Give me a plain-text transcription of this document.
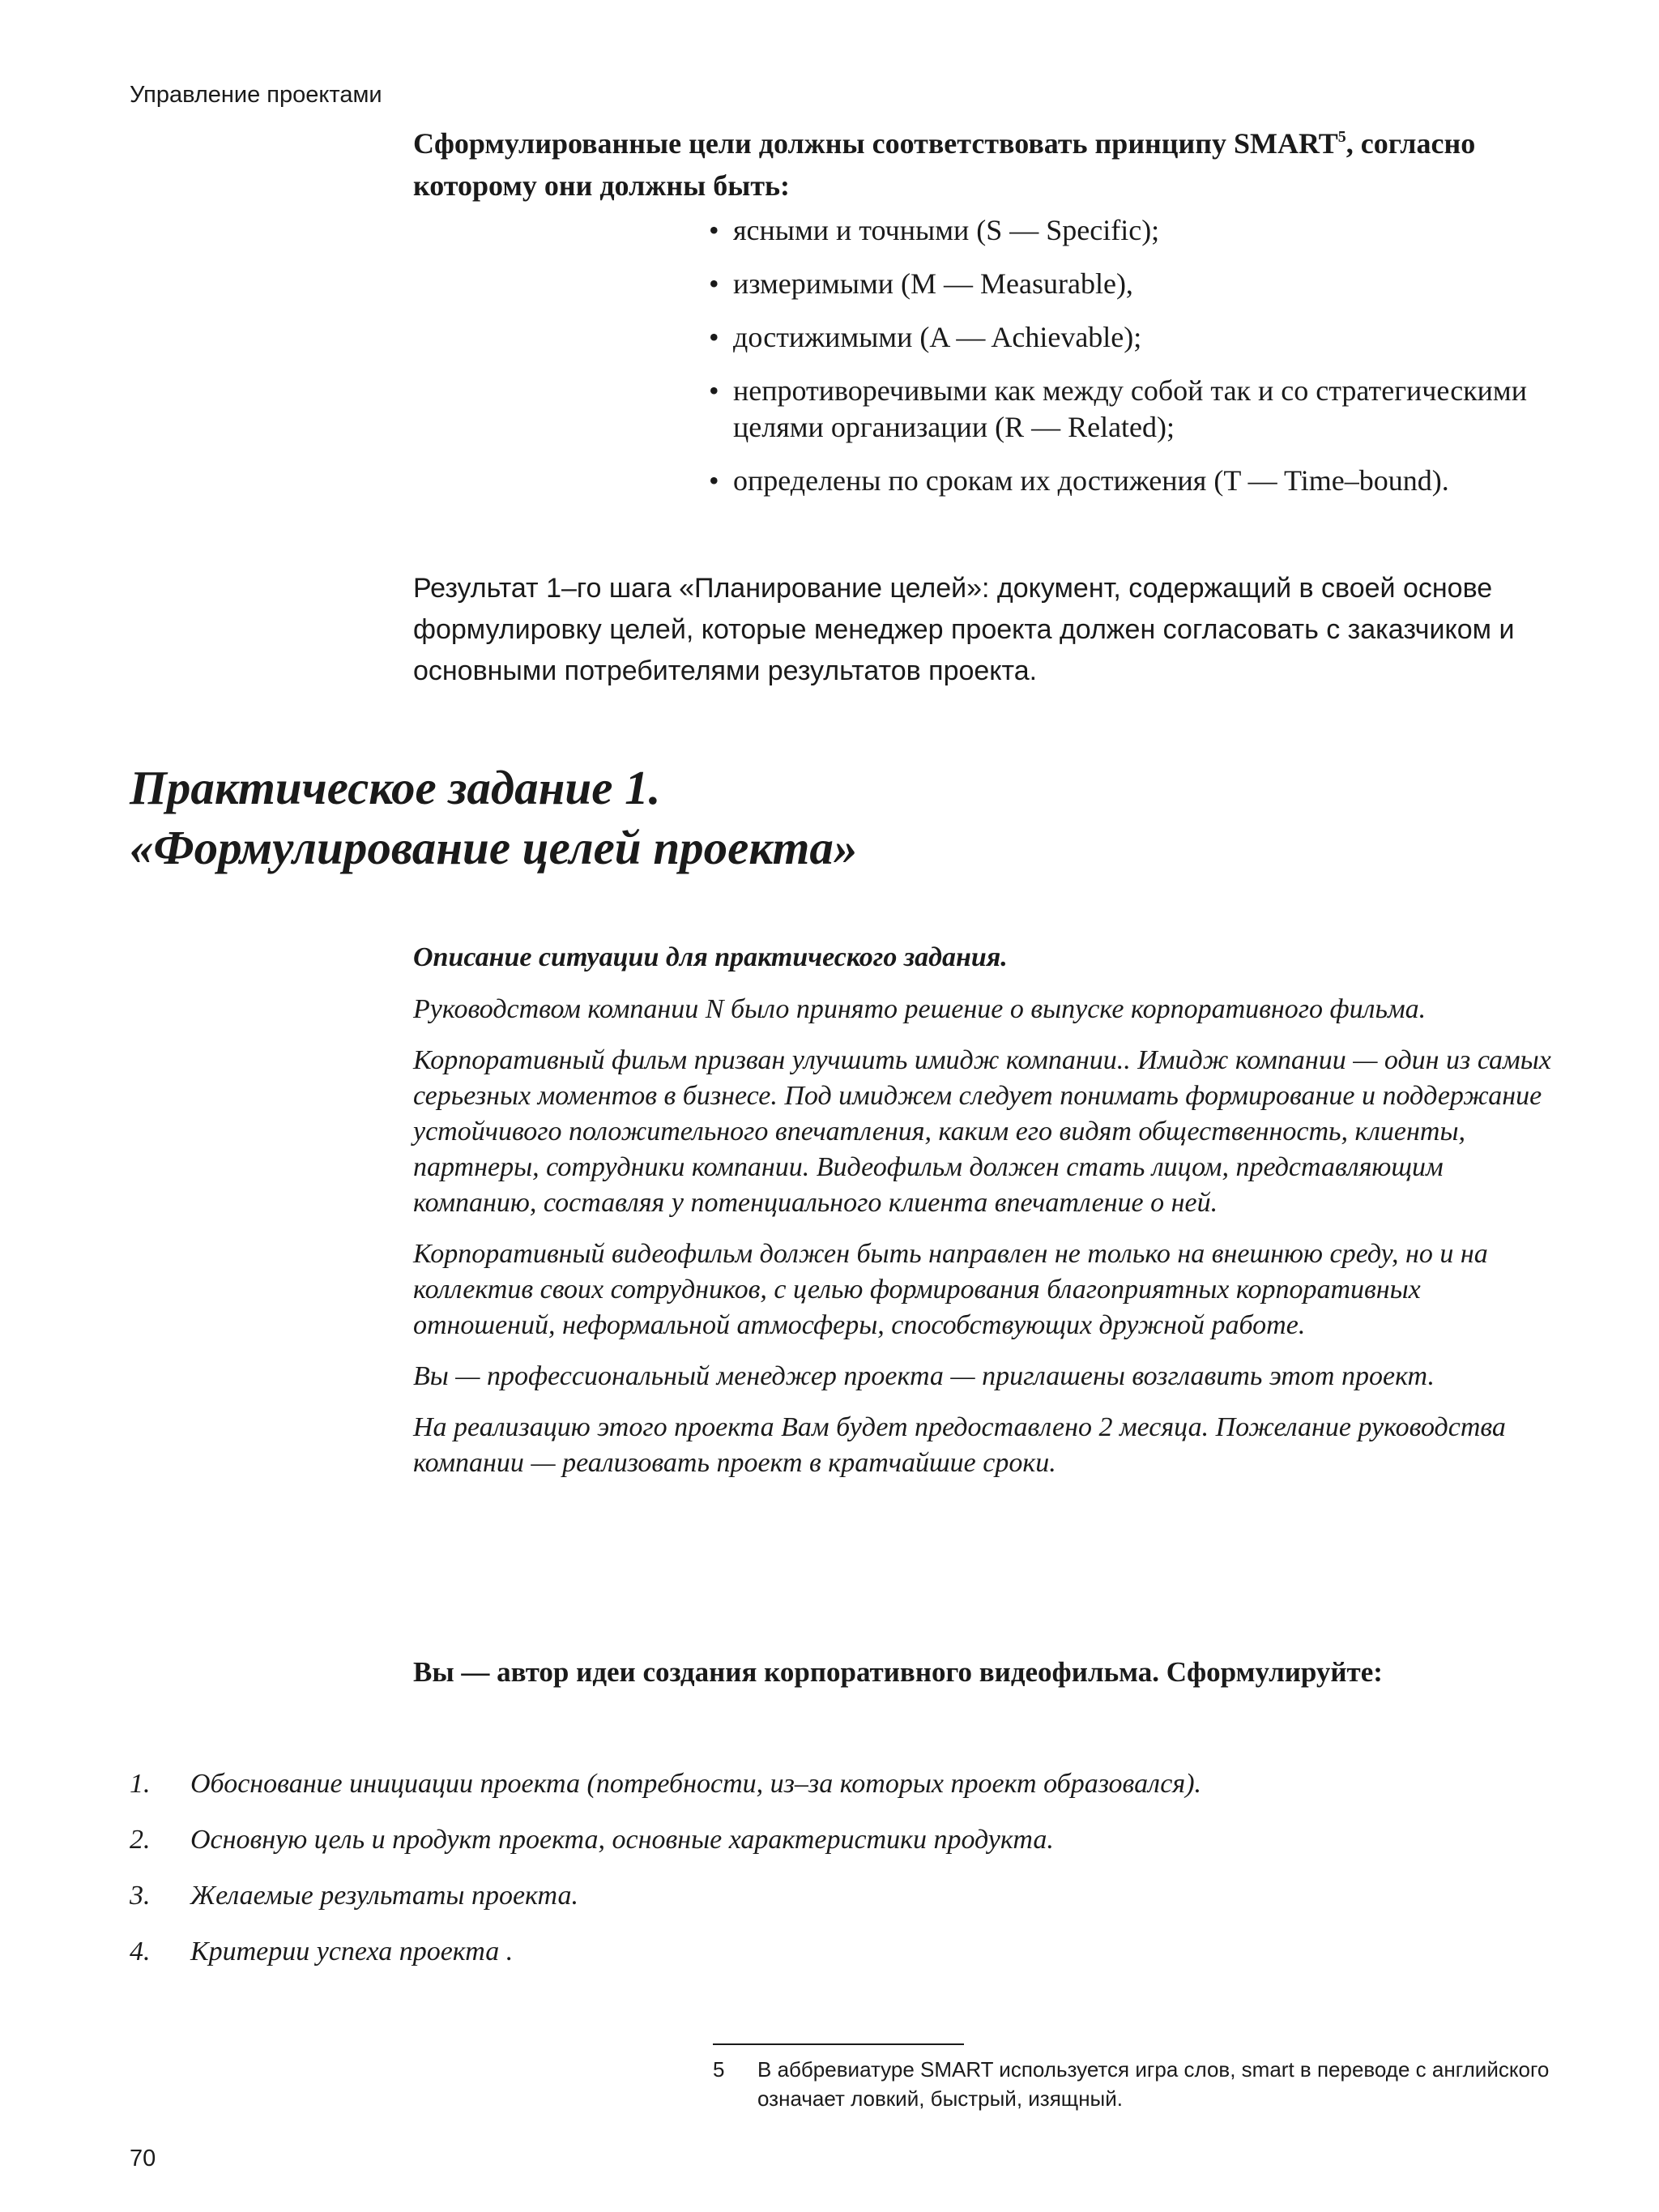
Управление проектами
Сформулированные цели должны соответствовать принципу SMART$^5$, согласно которому они должны быть:
• ясными и точными (S — Specific);
• измеримыми (M — Measurable),
• достижимыми (A — Achievable);
• непротиворечивыми как между собой так и со стратегическими целями организации (R — Related);
• определены по срокам их достижения (T — Time–bound).
Результат 1–го шага «Планирование целей»: документ, содержащий в своей основе формулировку целей, которые менеджер проекта должен согласовать с заказчиком и основными потребителями результатов проекта.
Практическое задание 1.
«Формулирование целей проекта»
Описание ситуации для практического задания.

Руководством компании N было принято решение о выпуске корпоративного фильма.

Корпоративный фильм призван улучшить имидж компании.. Имидж компании — один из самых серьезных моментов в бизнесе. Под имиджем следует понимать формирование и поддержание устойчивого положительного впечатления, каким его видят общественность, клиенты, партнеры, сотрудники компании. Видеофильм должен стать лицом, представляющим компанию, составляя у потенциального клиента впечатление о ней.

Корпоративный видеофильм должен быть направлен не только на внешнюю среду, но и на коллектив своих сотрудников, с целью формирования благоприятных корпоративных отношений, неформальной атмосферы, способствующих дружной работе.

Вы — профессиональный менеджер проекта — приглашены возглавить этот проект.

На реализацию этого проекта Вам будет предоставлено 2 месяца. Пожелание руководства компании — реализовать проект в кратчайшие сроки.

Вы — автор идеи создания корпоративного видеофильма. Сформулируйте:
1. Обоснование инициации проекта (потребности, из–за которых проект образовался).
2. Основную цель и продукт проекта, основные характеристики продукта.
3. Желаемые результаты проекта.
4. Критерии успеха проекта .
5 В аббревиатуре SMART используется игра слов, smart в переводе с английского означает ловкий, быстрый, изящный.
70
